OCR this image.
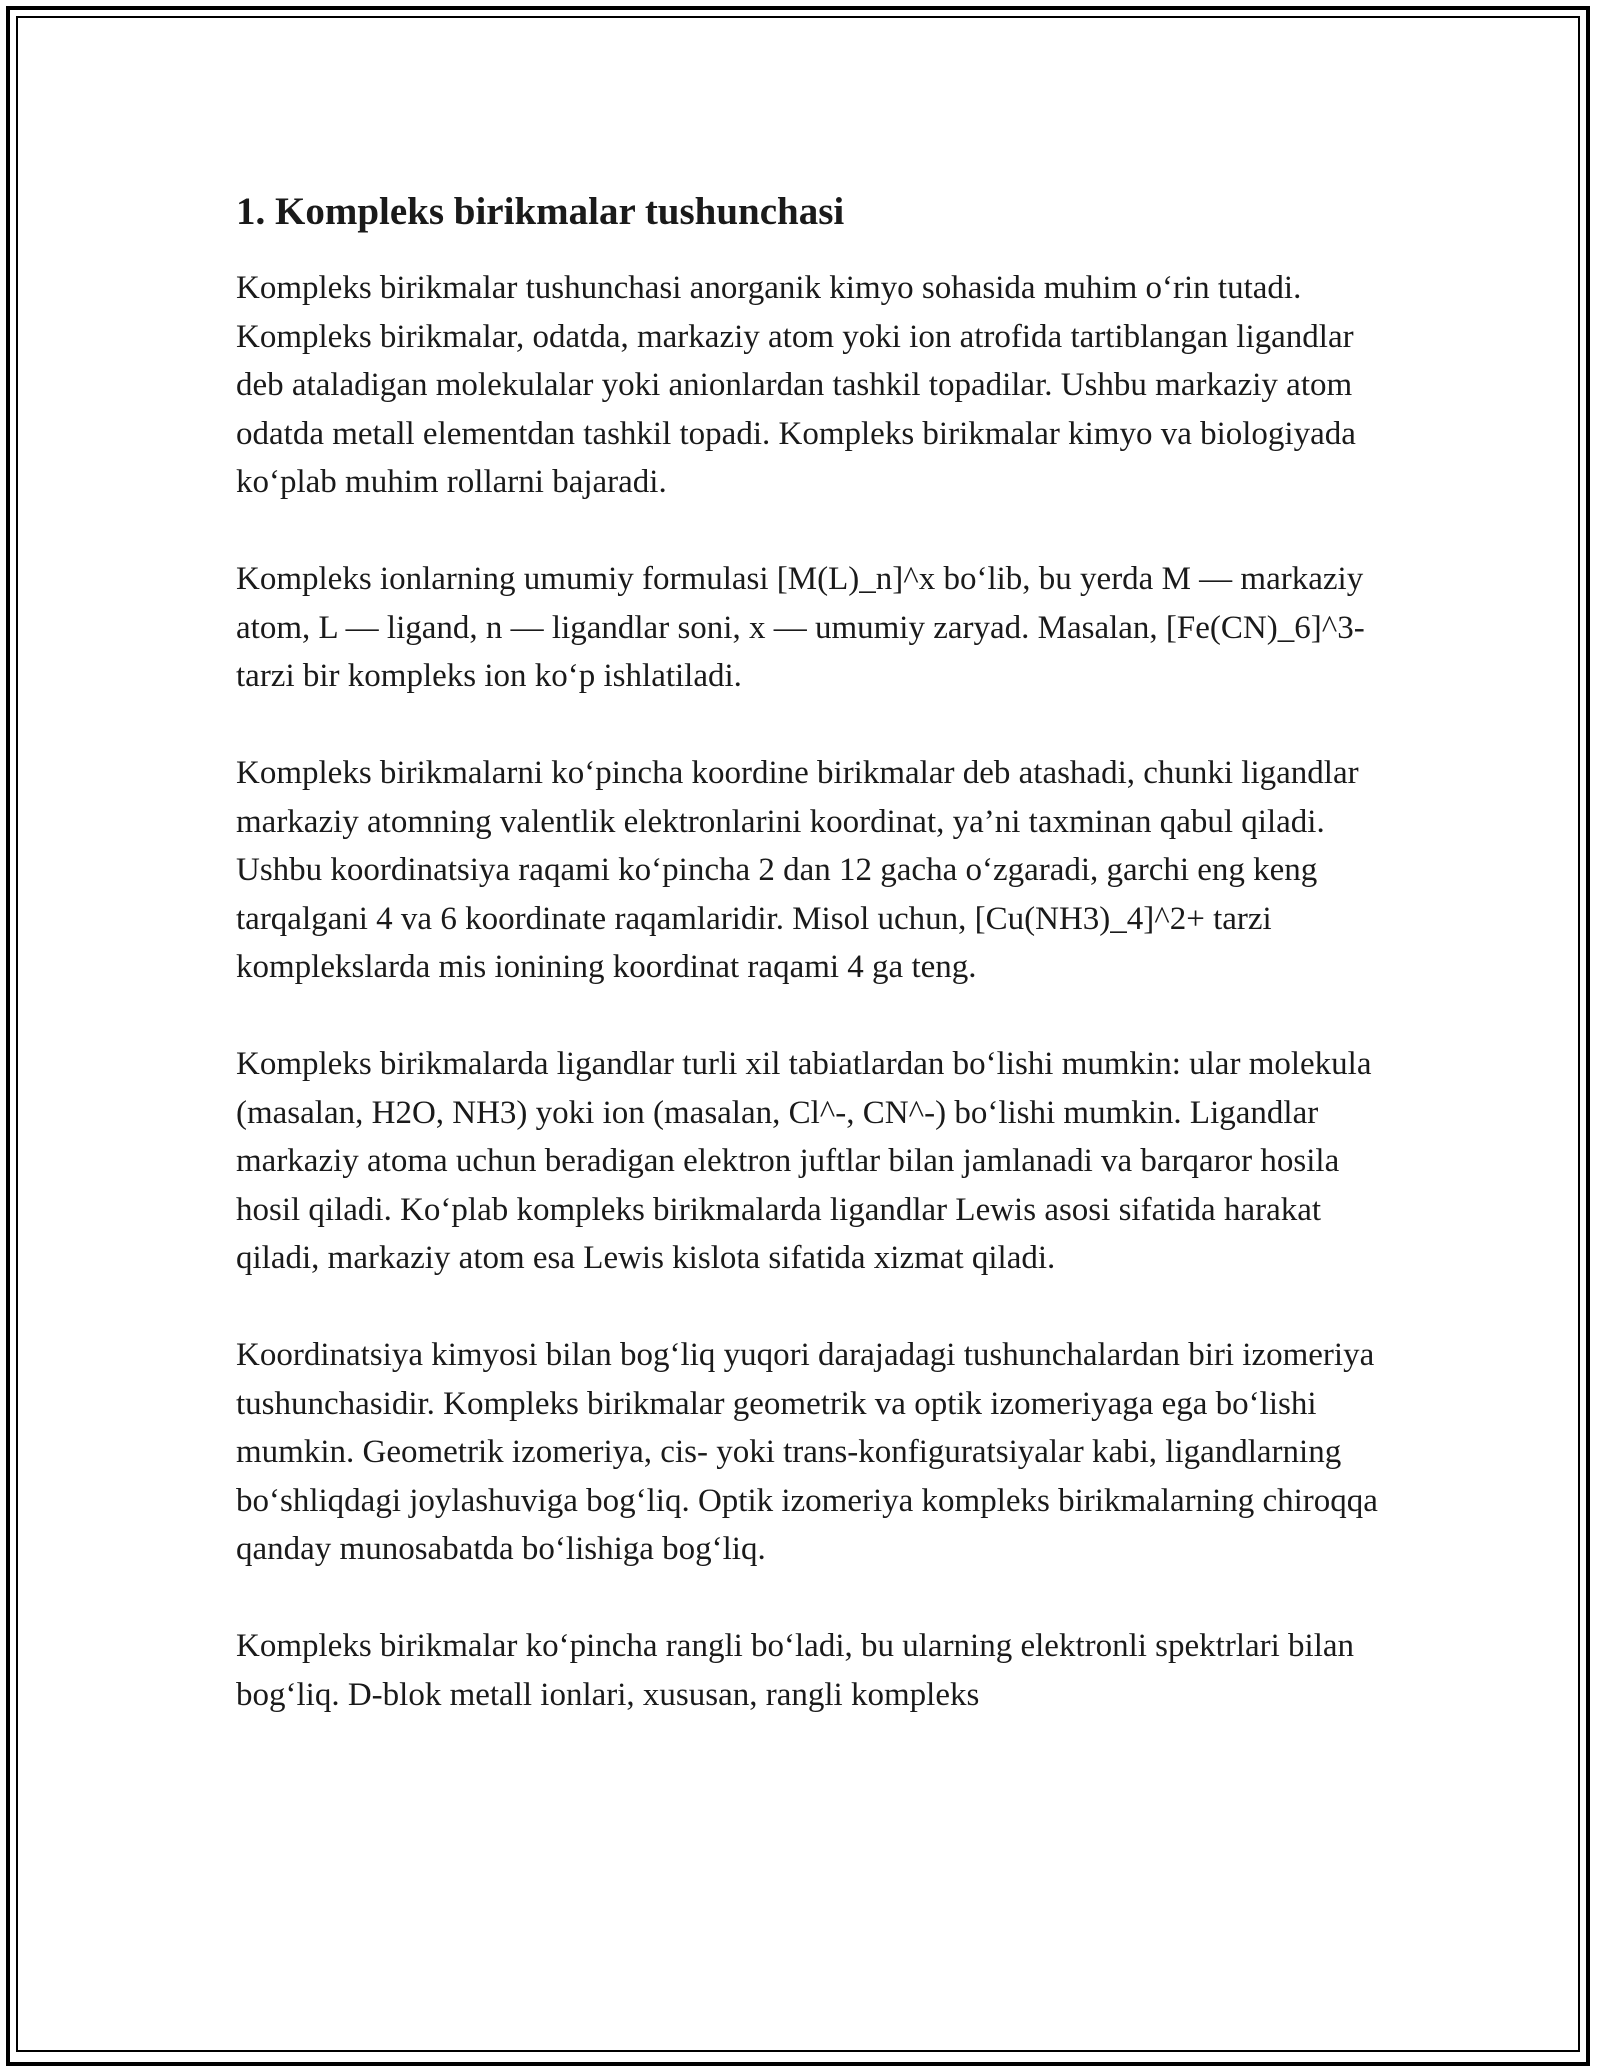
1. Kompleks birikmalar tushunchasi

Kompleks birikmalar tushunchasi anorganik kimyo sohasida muhim o‘rin tutadi. Kompleks birikmalar, odatda, markaziy atom yoki ion atrofida tartiblangan ligandlar deb ataladigan molekulalar yoki anionlardan tashkil topadilar. Ushbu markaziy atom odatda metall elementdan tashkil topadi. Kompleks birikmalar kimyo va biologiyada ko‘plab muhim rollarni bajaradi.

Kompleks ionlarning umumiy formulasi [M(L)_n]^x bo‘lib, bu yerda M — markaziy atom, L — ligand, n — ligandlar soni, x — umumiy zaryad. Masalan, [Fe(CN)_6]^3- tarzi bir kompleks ion ko‘p ishlatiladi.

Kompleks birikmalarni ko‘pincha koordine birikmalar deb atashadi, chunki ligandlar markaziy atomning valentlik elektronlarini koordinat, ya’ni taxminan qabul qiladi. Ushbu koordinatsiya raqami ko‘pincha 2 dan 12 gacha o‘zgaradi, garchi eng keng tarqalgani 4 va 6 koordinate raqamlaridir. Misol uchun, [Cu(NH3)_4]^2+ tarzi komplekslarda mis ionining koordinat raqami 4 ga teng.

Kompleks birikmalarda ligandlar turli xil tabiatlardan bo‘lishi mumkin: ular molekula (masalan, H2O, NH3) yoki ion (masalan, Cl^-, CN^-) bo‘lishi mumkin. Ligandlar markaziy atoma uchun beradigan elektron juftlar bilan jamlanadi va barqaror hosila hosil qiladi. Ko‘plab kompleks birikmalarda ligandlar Lewis asosi sifatida harakat qiladi, markaziy atom esa Lewis kislota sifatida xizmat qiladi.

Koordinatsiya kimyosi bilan bog‘liq yuqori darajadagi tushunchalardan biri izomeriya tushunchasidir. Kompleks birikmalar geometrik va optik izomeriyaga ega bo‘lishi mumkin. Geometrik izomeriya, cis- yoki trans-konfiguratsiyalar kabi, ligandlarning bo‘shliqdagi joylashuviga bog‘liq. Optik izomeriya kompleks birikmalarning chiroqqa qanday munosabatda bo‘lishiga bog‘liq.

Kompleks birikmalar ko‘pincha rangli bo‘ladi, bu ularning elektronli spektrlari bilan bog‘liq. D-blok metall ionlari, xususan, rangli kompleks
